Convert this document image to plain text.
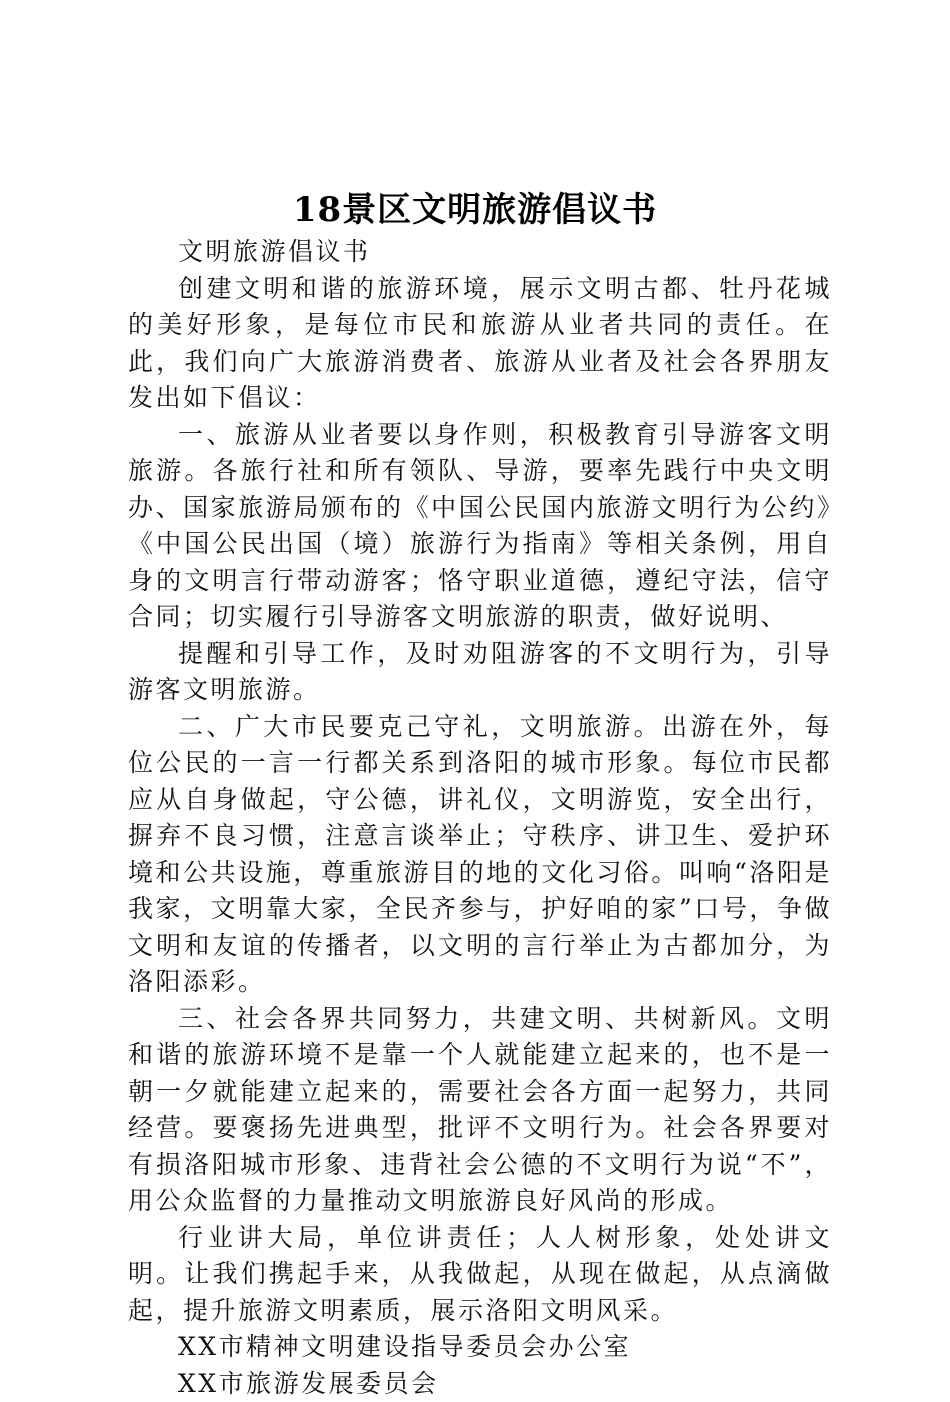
18景区文明旅游倡议书

文明旅游倡议书

创建文明和谐的旅游环境，展示文明古都、牡丹花城的美好形象，是每位市民和旅游从业者共同的责任。在此，我们向广大旅游消费者、旅游从业者及社会各界朋友发出如下倡议：

一、旅游从业者要以身作则，积极教育引导游客文明旅游。各旅行社和所有领队、导游，要率先践行中央文明办、国家旅游局颁布的《中国公民国内旅游文明行为公约》《中国公民出国（境）旅游行为指南》等相关条例，用自身的文明言行带动游客；恪守职业道德，遵纪守法，信守合同；切实履行引导游客文明旅游的职责，做好说明、

提醒和引导工作，及时劝阻游客的不文明行为，引导游客文明旅游。

二、广大市民要克己守礼，文明旅游。出游在外，每位公民的一言一行都关系到洛阳的城市形象。每位市民都应从自身做起，守公德，讲礼仪，文明游览，安全出行，摒弃不良习惯，注意言谈举止；守秩序、讲卫生、爱护环境和公共设施，尊重旅游目的地的文化习俗。叫响“洛阳是我家，文明靠大家，全民齐参与，护好咱的家”口号，争做文明和友谊的传播者，以文明的言行举止为古都加分，为洛阳添彩。

三、社会各界共同努力，共建文明、共树新风。文明和谐的旅游环境不是靠一个人就能建立起来的，也不是一朝一夕就能建立起来的，需要社会各方面一起努力，共同经营。要褒扬先进典型，批评不文明行为。社会各界要对有损洛阳城市形象、违背社会公德的不文明行为说“不”，用公众监督的力量推动文明旅游良好风尚的形成。

行业讲大局，单位讲责任；人人树形象，处处讲文明。让我们携起手来，从我做起，从现在做起，从点滴做起，提升旅游文明素质，展示洛阳文明风采。

XX市精神文明建设指导委员会办公室

XX市旅游发展委员会
